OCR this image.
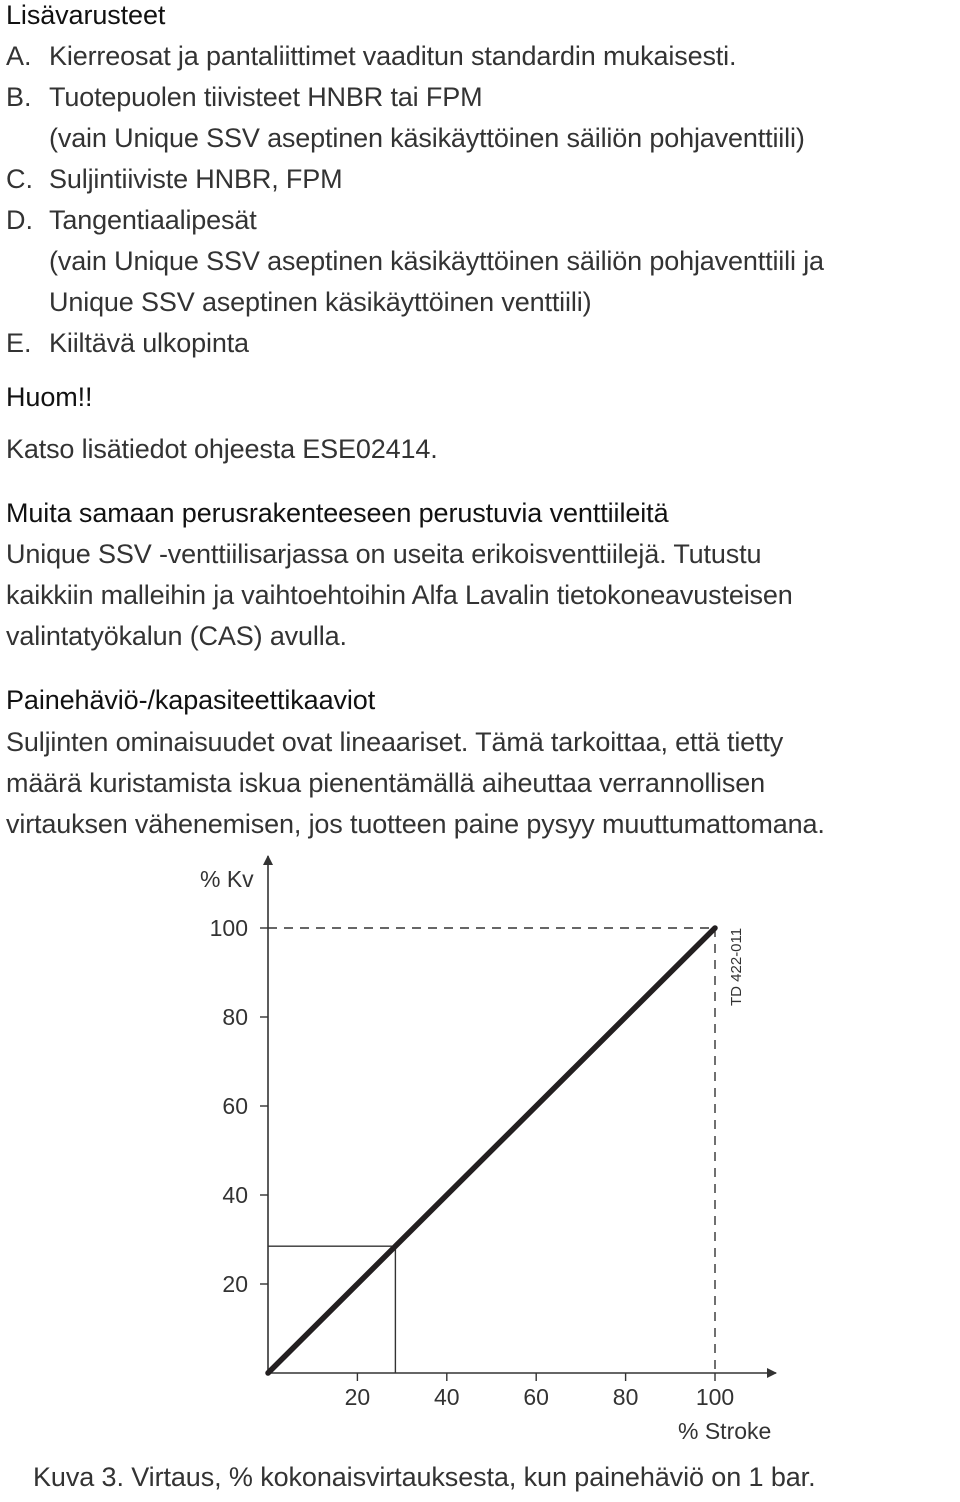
Lisävarusteet
A. Kierreosat ja pantaliittimet vaaditun standardin mukaisesti.
B. Tuotepuolen tiivisteet HNBR tai FPM
(vain Unique SSV aseptinen käsikäyttöinen säiliön pohjaventtiili)
C. Suljintiiviste HNBR, FPM
D. Tangentiaalipesät
(vain Unique SSV aseptinen käsikäyttöinen säiliön pohjaventtiili ja
Unique SSV aseptinen käsikäyttöinen venttiili)
E. Kiiltävä ulkopinta
Huom!!
Katso lisätiedot ohjeesta ESE02414.
Muita samaan perusrakenteeseen perustuvia venttiileitä
Unique SSV -venttiilisarjassa on useita erikoisventtiilejä. Tutustu
kaikkiin malleihin ja vaihtoehtoihin Alfa Lavalin tietokoneavusteisen
valintatyökalun (CAS) avulla.
Painehäviö-/kapasiteettikaaviot
Suljinten ominaisuudet ovat lineaariset. Tämä tarkoittaa, että tietty
määrä kuristamista iskua pienentämällä aiheuttaa verrannollisen
virtauksen vähenemisen, jos tuotteen paine pysyy muuttumattomana.
% Kv
% Stroke
TD 422-011
20
40
60
80
100
20	40	60	80 100
Kuva 3. Virtaus, % kokonaisvirtauksesta, kun painehäviö on 1 bar.
